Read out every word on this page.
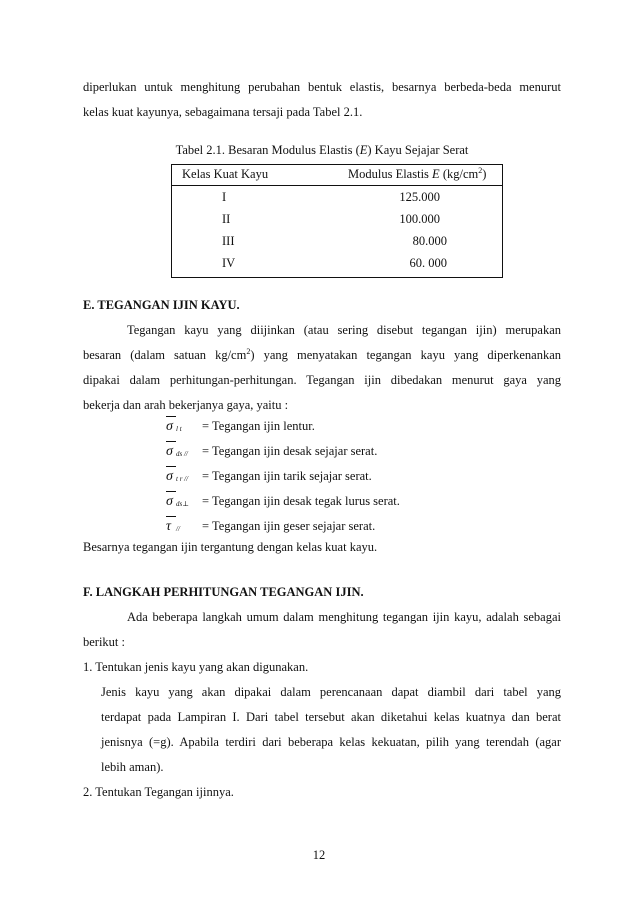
diperlukan untuk menghitung perubahan bentuk elastis, besarnya berbeda-beda menurut
kelas kuat kayunya, sebagaimana tersaji pada Tabel 2.1.
Tabel 2.1. Besaran Modulus Elastis (E) Kayu Sejajar Serat
Kelas Kuat Kayu	Modulus Elastis E $(kg/cm^2)$
I	125.000
II	100.000
III	80.000
IV	60. 000
E. TEGANGAN IJIN KAYU.
Tegangan kayu yang diijinkan (atau sering disebut tegangan ijin) merupakan
besaran (dalam satuan $kg/cm^2$) yang menyatakan tegangan kayu yang diperkenankan
dipakai dalam perhitungan-perhitungan. Tegangan ijin dibedakan menurut gaya yang
bekerja dan arah bekerjanya gaya, yaitu :
σ l t = Tegangan ijin lentur.
σ ds // = Tegangan ijin desak sejajar serat.
σ t r // = Tegangan ijin tarik sejajar serat.
σ ds⊥ = Tegangan ijin desak tegak lurus serat.
τ // = Tegangan ijin geser sejajar serat.
Besarnya tegangan ijin tergantung dengan kelas kuat kayu.
F. LANGKAH PERHITUNGAN TEGANGAN IJIN.
Ada beberapa langkah umum dalam menghitung tegangan ijin kayu, adalah sebagai
berikut :
1. Tentukan jenis kayu yang akan digunakan.
Jenis kayu yang akan dipakai dalam perencanaan dapat diambil dari tabel yang
terdapat pada Lampiran I. Dari tabel tersebut akan diketahui kelas kuatnya dan berat
jenisnya (=g). Apabila terdiri dari beberapa kelas kekuatan, pilih yang terendah (agar
lebih aman).
2. Tentukan Tegangan ijinnya.
12
